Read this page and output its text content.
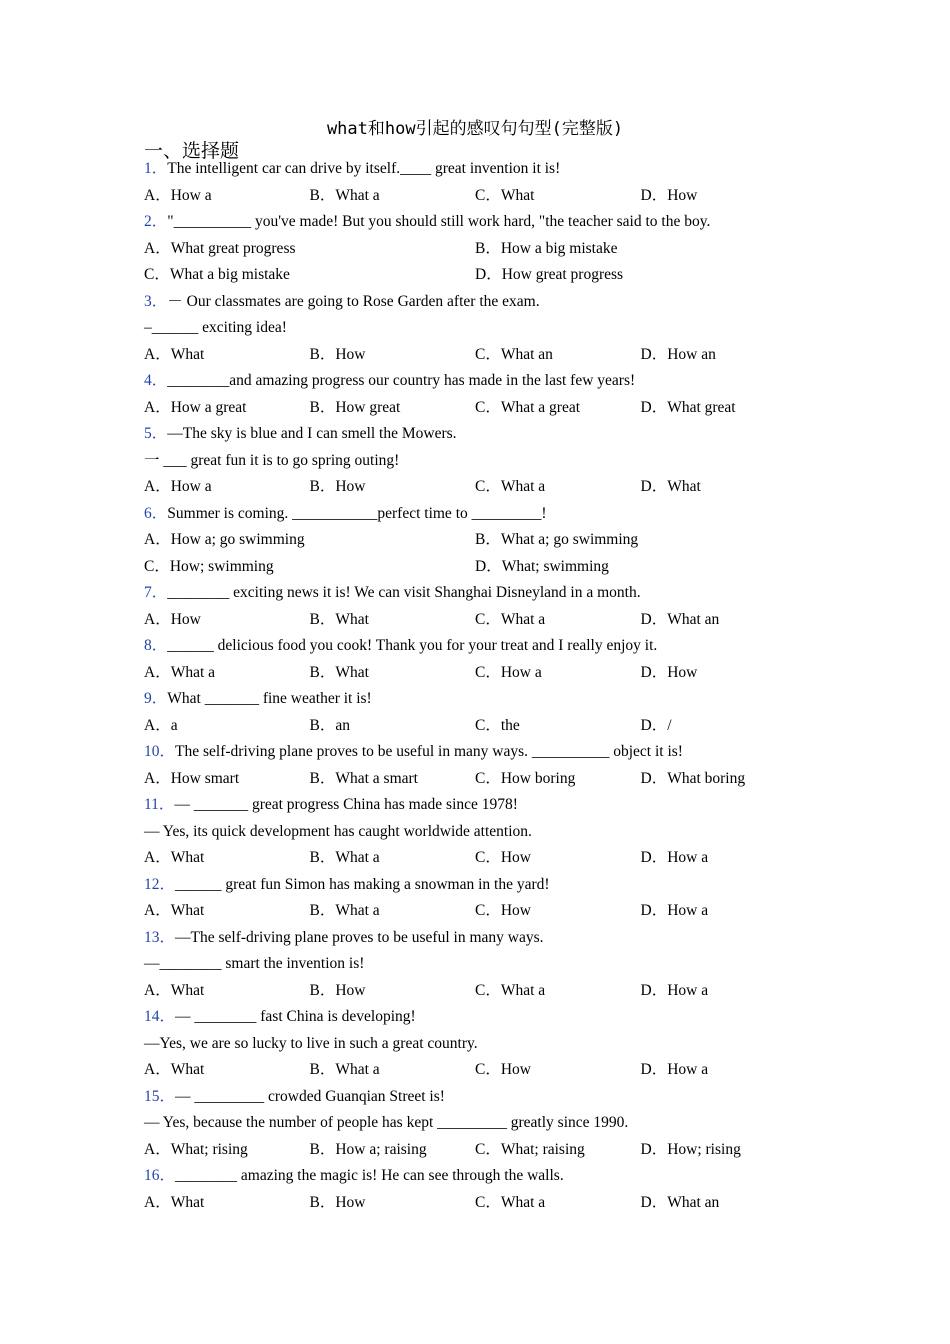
what和how引起的感叹句句型(完整版)
一、选择题
1．The intelligent car can drive by itself.____ great invention it is!
A．How a	B．What a	C．What	D．How
2．"__________ you've made! But you should still work hard, "the teacher said to the boy.
A．What great progress	B．How a big mistake
C．What a big mistake	D．How great progress
3．－ Our classmates are going to Rose Garden after the exam.
–______ exciting idea!
A．What	B．How	C．What an	D．How an
4．________and amazing progress our country has made in the last few years!
A．How a great	B．How great	C．What a great	D．What great
5．—The sky is blue and I can smell the Mowers.
一 ___ great fun it is to go spring outing!
A．How a	B．How	C．What a	D．What
6．Summer is coming. ___________perfect time to _________!
A．How a; go swimming	B．What a; go swimming
C．How; swimming	D．What; swimming
7．________ exciting news it is! We can visit Shanghai Disneyland in a month.
A．How	B．What	C．What a	D．What an
8．______ delicious food you cook! Thank you for your treat and I really enjoy it.
A．What a	B．What	C．How a	D．How
9．What _______ fine weather it is!
A．a	B．an	C．the	D．/
10．The self-driving plane proves to be useful in many ways. __________ object it is!
A．How smart	B．What a smart	C．How boring	D．What boring
11．— _______ great progress China has made since 1978!
— Yes, its quick development has caught worldwide attention.
A．What	B．What a	C．How	D．How a
12．______ great fun Simon has making a snowman in the yard!
A．What	B．What a	C．How	D．How a
13．—The self-driving plane proves to be useful in many ways.
—________ smart the invention is!
A．What	B．How	C．What a	D．How a
14．— ________ fast China is developing!
—Yes, we are so lucky to live in such a great country.
A．What	B．What a	C．How	D．How a
15．— _________ crowded Guanqian Street is!
— Yes, because the number of people has kept _________ greatly since 1990.
A．What; rising	B．How a; raising	C．What; raising	D．How; rising
16．________ amazing the magic is! He can see through the walls.
A．What	B．How	C．What a	D．What an
